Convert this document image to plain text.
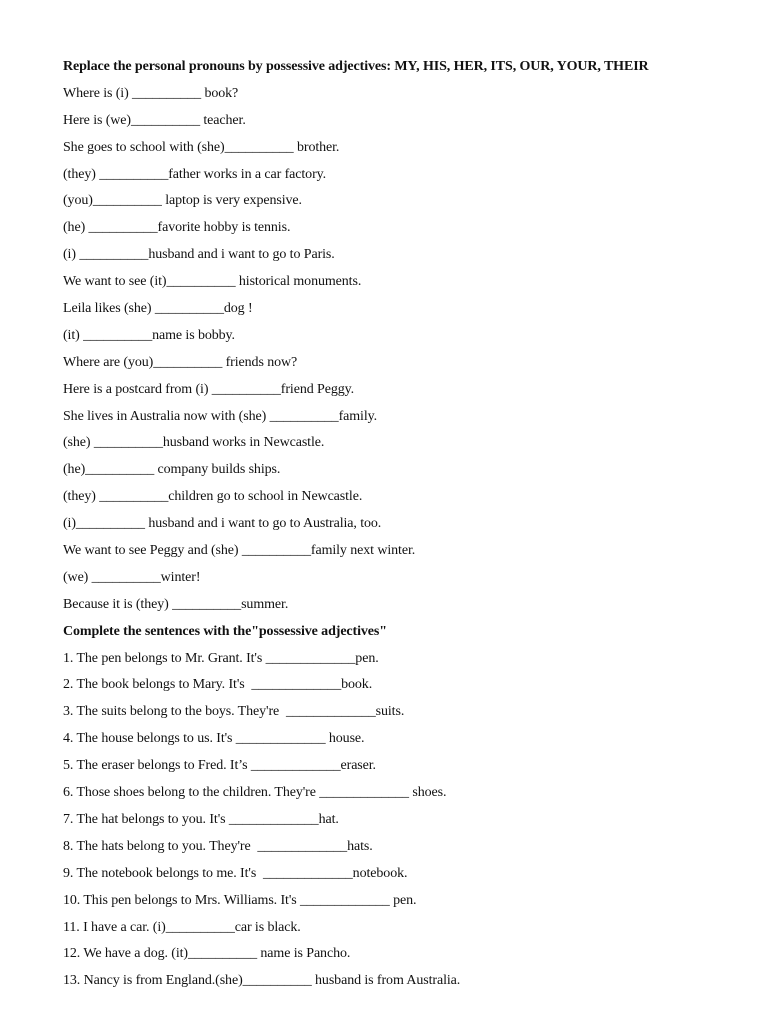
Replace the personal pronouns by possessive adjectives: MY, HIS, HER, ITS, OUR, YOUR, THEIR
Where is (i) __________ book?
Here is (we)__________ teacher.
She goes to school with (she)__________ brother.
(they) __________father works in a car factory.
(you)__________ laptop is very expensive.
(he) __________favorite hobby is tennis.
(i) __________husband and i want to go to Paris.
We want to see (it)__________ historical monuments.
Leila likes (she) __________dog !
(it) __________name is bobby.
Where are (you)__________ friends now?
Here is a postcard from (i) __________friend Peggy.
She lives in Australia now with (she) __________family.
(she) __________husband works in Newcastle.
(he)__________ company builds ships.
(they) __________children go to school in Newcastle.
(i)__________ husband and i want to go to Australia, too.
We want to see Peggy and (she) __________family next winter.
(we) __________winter!
Because it is (they) __________summer.
Complete the sentences with the"possessive adjectives"
1. The pen belongs to Mr. Grant. It's _____________pen.
2. The book belongs to Mary. It's  _____________book.
3. The suits belong to the boys. They're  _____________suits.
4. The house belongs to us. It's _____________ house.
5. The eraser belongs to Fred. It’s _____________eraser.
6. Those shoes belong to the children. They're _____________ shoes.
7. The hat belongs to you. It's _____________hat.
8. The hats belong to you. They're  _____________hats.
9. The notebook belongs to me. It's  _____________notebook.
10. This pen belongs to Mrs. Williams. It's _____________ pen.
11. I have a car. (i)__________car is black.
12. We have a dog. (it)__________ name is Pancho.
13. Nancy is from England.(she)__________ husband is from Australia.
